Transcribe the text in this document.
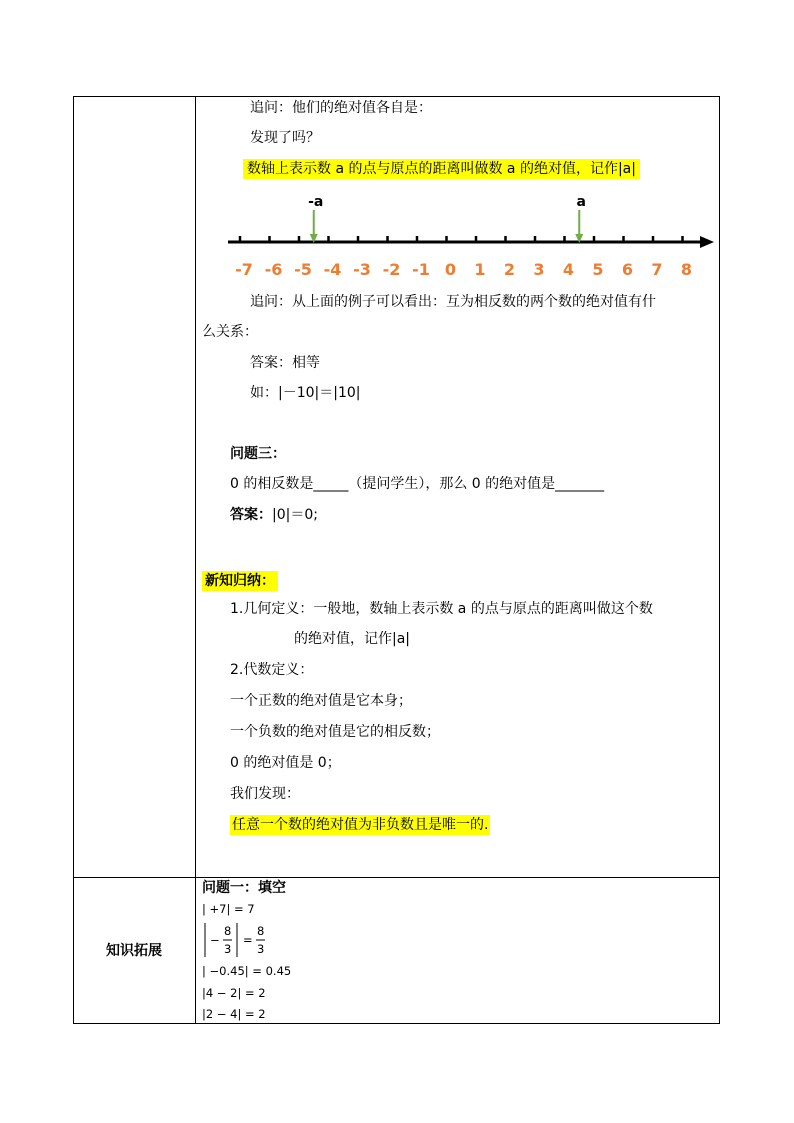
追问：他们的绝对值各自是：
发现了吗？
数轴上表示数 a 的点与原点的距离叫做数 a 的绝对值，记作|a|
-7 -6 -5 -4 -3 -2 -1 0 1 2 3 4 5 6 7 8
-a	a
追问：从上面的例子可以看出：互为相反数的两个数的绝对值有什
么关系：
答案：相等
如：|－10|＝|10|
问题三：
0 的相反数是_____（提问学生），那么 0 的绝对值是_______
答案：|0|＝0;
新知归纳：
1.几何定义：一般地，数轴上表示数 a 的点与原点的距离叫做这个数
的绝对值，记作|a|
2.代数定义：
一个正数的绝对值是它本身；
一个负数的绝对值是它的相反数；
0 的绝对值是 0；
我们发现：
任意一个数的绝对值为非负数且是唯一的.
知识拓展
问题一：填空
| +7| = 7
−
8
3
=
8
3
| −0.45| = 0.45
|4 − 2| = 2
|2 − 4| = 2
